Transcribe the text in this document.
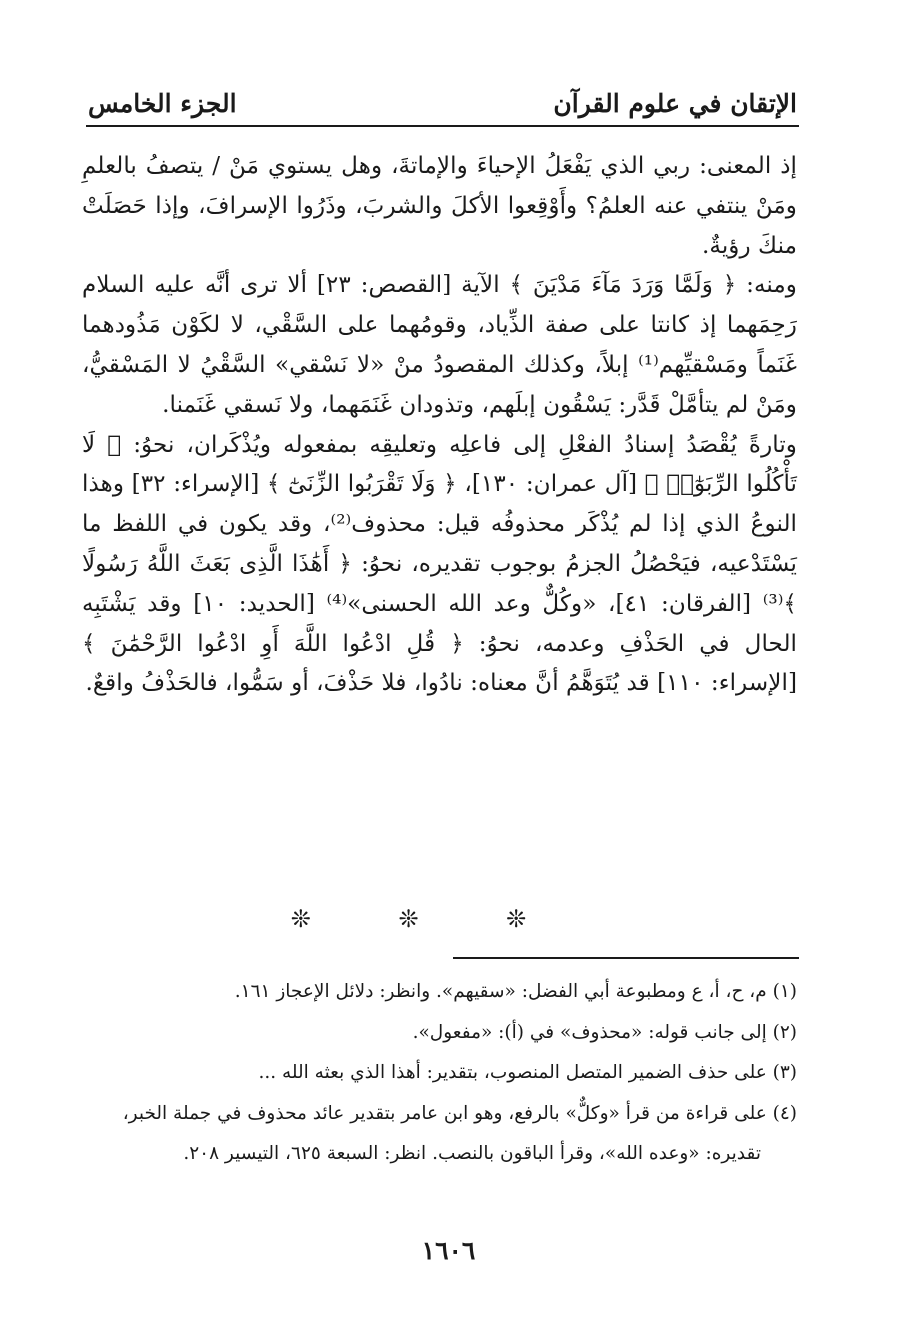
الإتقان في علوم القرآن
الجزء الخامس

إذ المعنى: ربي الذي يَفْعَلُ الإحياءَ والإماتةَ، وهل يستوي مَنْ / يتصفُ بالعلمِ ومَنْ ينتفي عنه العلمُ؟ وأَوْقِعوا الأكلَ والشربَ، وذَرُوا الإسرافَ، وإذا حَصَلَتْ منكَ رؤيةٌ.

ومنه: ﴿ وَلَمَّا وَرَدَ مَآءَ مَدْيَنَ ﴾ الآية [القصص: ٢٣] ألا ترى أنَّه عليه السلام رَحِمَهما إذ كانتا على صفة الذِّياد، وقومُهما على السَّقْي، لا لكَوْن مَذُودهما غَنَماً ومَسْقيِّهم⁽¹⁾ إبلاً، وكذلك المقصودُ منْ «لا نَسْقي» السَّقْيُ لا المَسْقيُّ، ومَنْ لم يتأمَّلْ قَدَّر: يَسْقُون إبلَهم، وتذودان غَنَمَهما، ولا نَسقي غَنَمنا.

وتارةً يُقْصَدُ إسنادُ الفعْلِ إلى فاعلِه وتعليقِه بمفعوله ويُذْكَران، نحوُ: ﴿ لَا تَأْكُلُوا الرِّبَوٰٓا۟ ﴾ [آل عمران: ١٣٠]، ﴿ وَلَا تَقْرَبُوا الزِّنَىٰٓ ﴾ [الإسراء: ٣٢] وهذا النوعُ الذي إذا لم يُذْكَر محذوفُه قيل: محذوف⁽²⁾، وقد يكون في اللفظ ما يَسْتَدْعيه، فيَحْصُلُ الجزمُ بوجوب تقديره، نحوُ: ﴿ أَهَٰذَا الَّذِى بَعَثَ اللَّهُ رَسُولًا ﴾⁽³⁾ [الفرقان: ٤١]، «وكُلٌّ وعد الله الحسنى»⁽⁴⁾ [الحديد: ١٠] وقد يَشْتَبِه الحال في الحَذْفِ وعدمه، نحوُ: ﴿ قُلِ ادْعُوا اللَّهَ أَوِ ادْعُوا الرَّحْمَٰنَ ﴾ [الإسراء: ١١٠] قد يُتَوَهَّمُ أنَّ معناه: نادُوا، فلا حَذْفَ، أو سَمُّوا، فالحَذْفُ واقعٌ.

❊ ❊ ❊

(١) م، ح، أ، ع ومطبوعة أبي الفضل: «سقيهم». وانظر: دلائل الإعجاز ١٦١.

(٢) إلى جانب قوله: «محذوف» في (أ): «مفعول».

(٣) على حذف الضمير المتصل المنصوب، بتقدير: أهذا الذي بعثه الله ...

(٤) على قراءة من قرأ «وكلٌّ» بالرفع، وهو ابن عامر بتقدير عائد محذوف في جملة الخبر،

تقديره: «وعده الله»، وقرأ الباقون بالنصب. انظر: السبعة ٦٢٥، التيسير ٢٠٨.

١٦٠٦
